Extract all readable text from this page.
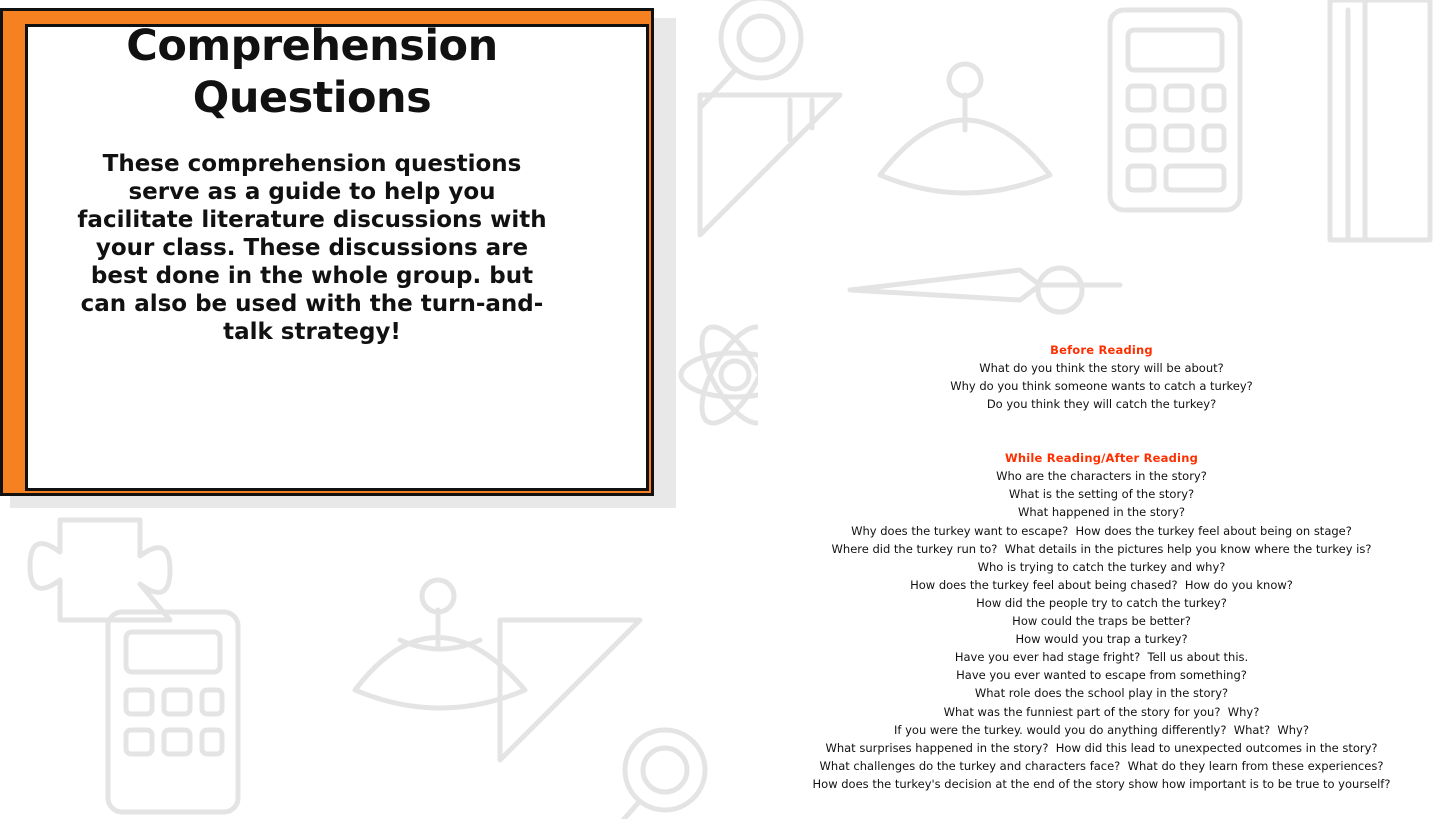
Comprehension Questions
These comprehension questions serve as a guide to help you facilitate literature discussions with your class. These discussions are best done in the whole group. but can also be used with the turn-and-talk strategy!
Before Reading
What do you think the story will be about?
Why do you think someone wants to catch a turkey?
Do you think they will catch the turkey?
While Reading/After Reading
Who are the characters in the story?
What is the setting of the story?
What happened in the story?
Why does the turkey want to escape?  How does the turkey feel about being on stage?
Where did the turkey run to?  What details in the pictures help you know where the turkey is?
Who is trying to catch the turkey and why?
How does the turkey feel about being chased?  How do you know?
How did the people try to catch the turkey?
How could the traps be better?
How would you trap a turkey?
Have you ever had stage fright?  Tell us about this.
Have you ever wanted to escape from something?
What role does the school play in the story?
What was the funniest part of the story for you?  Why?
If you were the turkey. would you do anything differently?  What?  Why?
What surprises happened in the story?  How did this lead to unexpected outcomes in the story?
What challenges do the turkey and characters face?  What do they learn from these experiences?
How does the turkey's decision at the end of the story show how important is to be true to yourself?
